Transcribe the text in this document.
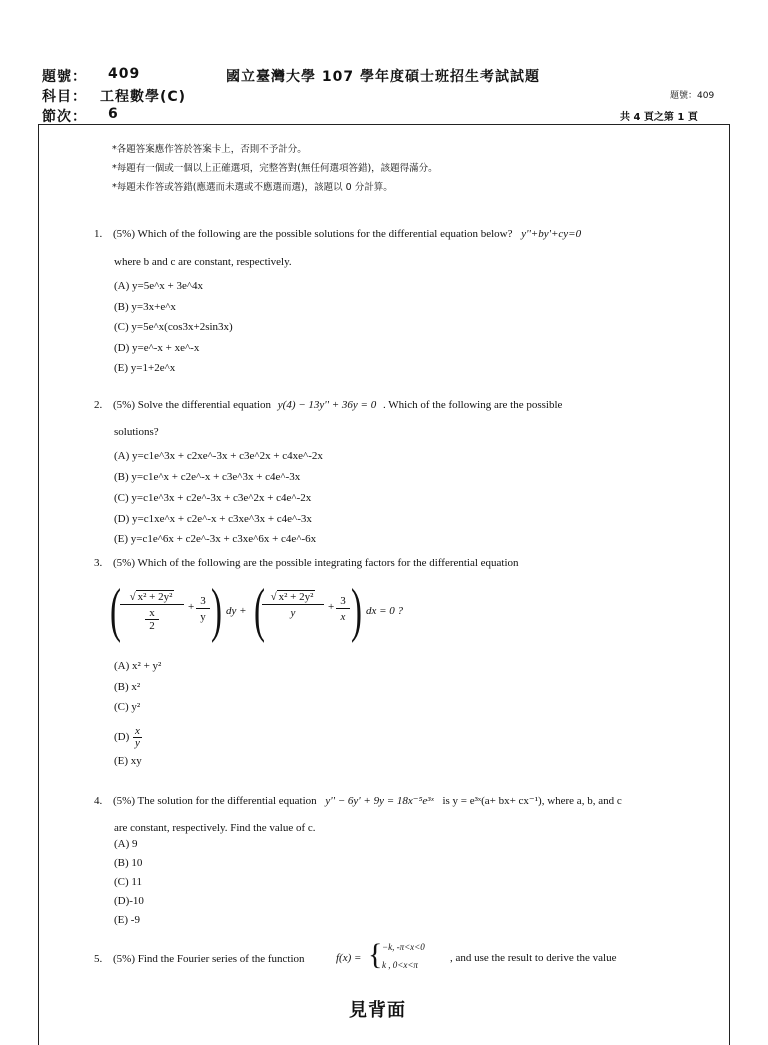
題號： 409	國立臺灣大學 107 學年度碩士班招生考試試題
科目： 工程數學(C)	題號：409
節次： 6	共 4 頁之第 1 頁
*各題答案應作答於答案卡上，否則不予計分。
*每題有一個或一個以上正確選項，完整答對(無任何選項答錯)，該題得滿分。
*每題未作答或答錯(應選而未選或不應選而選)，該題以 0 分計算。
1. (5%) Which of the following are the possible solutions for the differential equation below? y''+by'+cy=0
where b and c are constant, respectively.
(A) y=5e^x + 3e^4x
(B) y=3x+e^x
(C) y=5e^x(cos3x+2sin3x)
(D) y=e^-x + xe^-x
(E) y=1+2e^x
2. (5%) Solve the differential equation y(4) − 13y'' + 36y = 0 . Which of the following are the possible
solutions?
(A) y=c1e^3x + c2xe^-3x + c3e^2x + c4xe^-2x
(B) y=c1e^x + c2e^-x + c3e^3x + c4e^-3x
(C) y=c1e^3x + c2e^-3x + c3e^2x + c4e^-2x
(D) y=c1xe^x + c2e^-x + c3xe^3x + c4e^-3x
(E) y=c1e^6x + c2e^-3x + c3xe^6x + c4e^-6x
3. (5%) Which of the following are the possible integrating factors for the differential equation
( √ x² + 2y²
x
2
+ $\frac{3}{y}$ ) dy + (
$\frac{\text{√ x² + 2y²}}{y} + \frac{3}{x}$ ) dx = 0 ?
(A) x² + y²
(B) x²
(C) y²
$(D) \frac{x}{y}$
(E) xy
4. (5%) The solution for the differential equation y'' − 6y' + 9y = 18x⁻⁵e³ˣ is y = e³ˣ(a+ bx+ cx⁻¹), where a, b, and c
are constant, respectively. Find the value of c.
(A) 9
(B) 10
(C) 11
(D)-10
(E) -9
5. (5%) Find the Fourier series of the function	f(x) = { −k, -π<x<0
k , 0<x<π
, and use the result to derive the value
見背面
